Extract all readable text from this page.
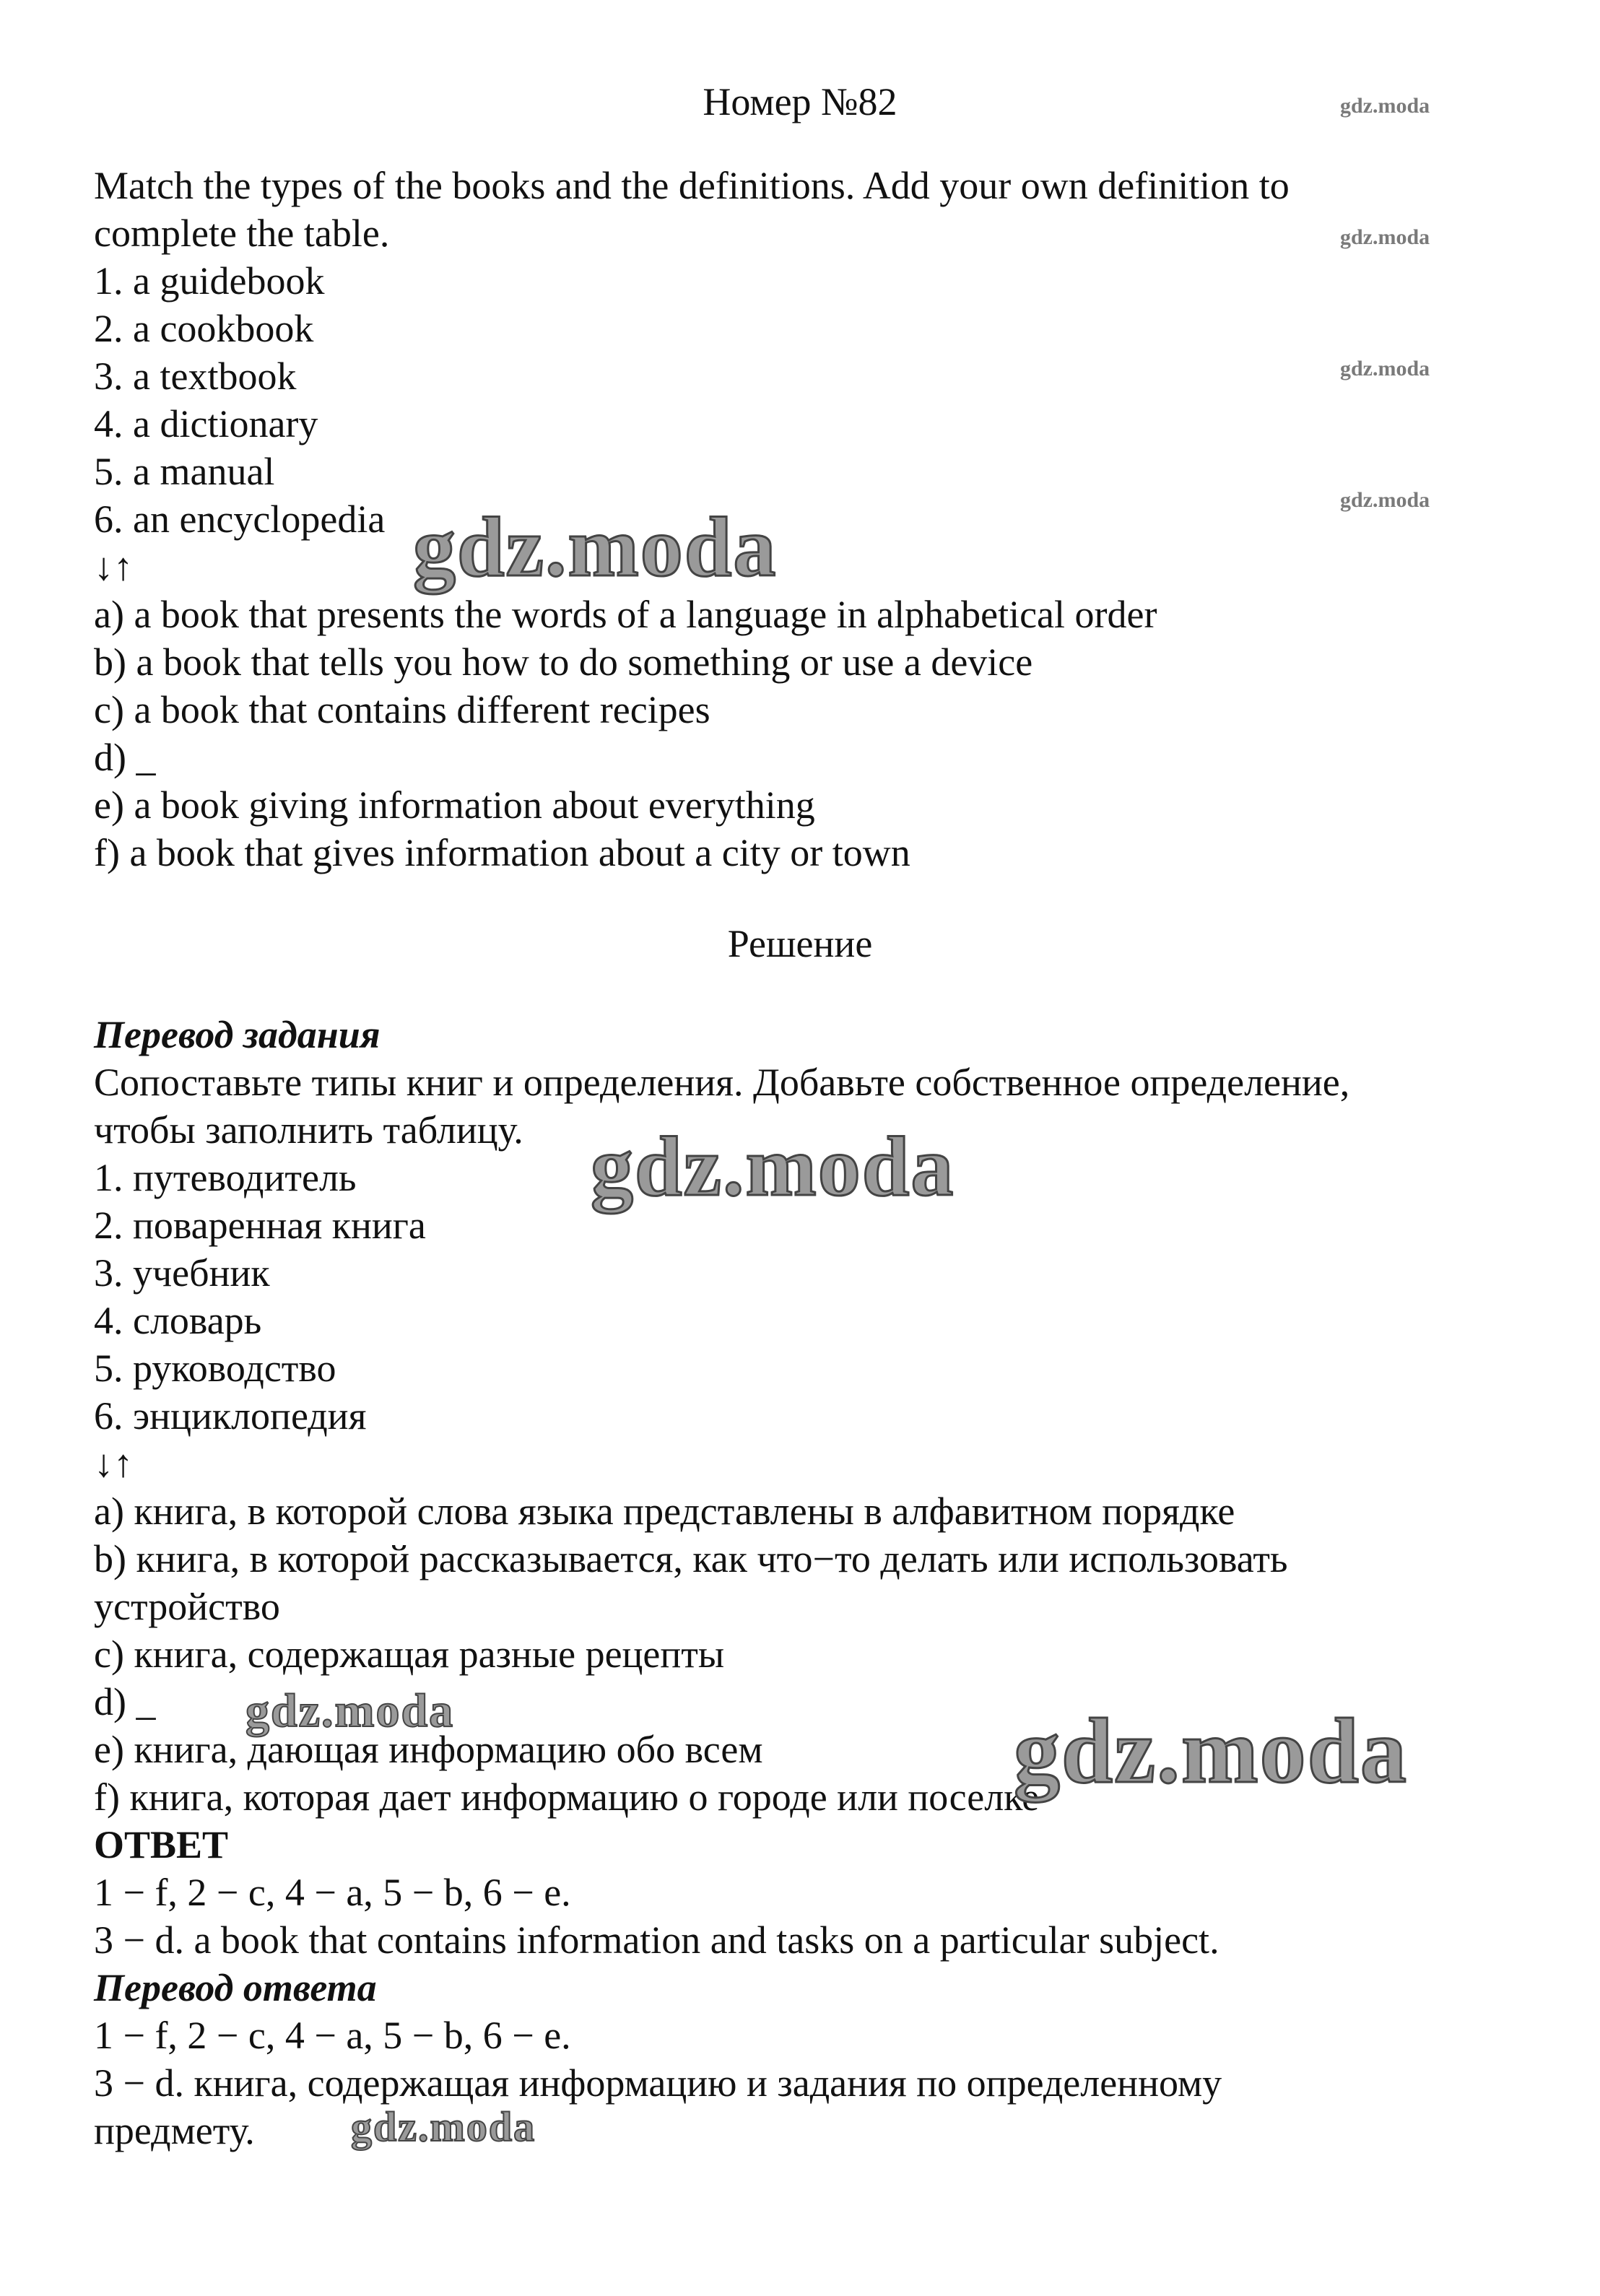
Номер №82
Match the types of the books and the definitions. Add your own definition to
complete the table.
1. a guidebook
2. a cookbook
3. a textbook
4. a dictionary
5. a manual
6. an encyclopedia
↓↑
a) a book that presents the words of a language in alphabetical order
b) a book that tells you how to do something or use a device
c) a book that contains different recipes
d) _
e) a book giving information about everything
f) a book that gives information about a city or town
Решение
Перевод задания
Сопоставьте типы книг и определения. Добавьте собственное определение,
чтобы заполнить таблицу.
1. путеводитель
2. поваренная книга
3. учебник
4. словарь
5. руководство
6. энциклопедия
↓↑
a) книга, в которой слова языка представлены в алфавитном порядке
b) книга, в которой рассказывается, как что−то делать или использовать
устройство
c) книга, содержащая разные рецепты
d) _
e) книга, дающая информацию обо всем
f) книга, которая дает информацию о городе или поселке
ОТВЕТ
1 − f, 2 − c, 4 − a, 5 − b, 6 − e.
3 − d. a book that contains information and tasks on a particular subject.
Перевод ответа
1 − f, 2 − c, 4 − a, 5 − b, 6 − e.
3 − d. книга, содержащая информацию и задания по определенному
предмету.
gdz.moda
gdz.moda
gdz.moda
gdz.moda
gdz.moda
gdz.moda
gdz.moda	gdz.moda
gdz.moda
